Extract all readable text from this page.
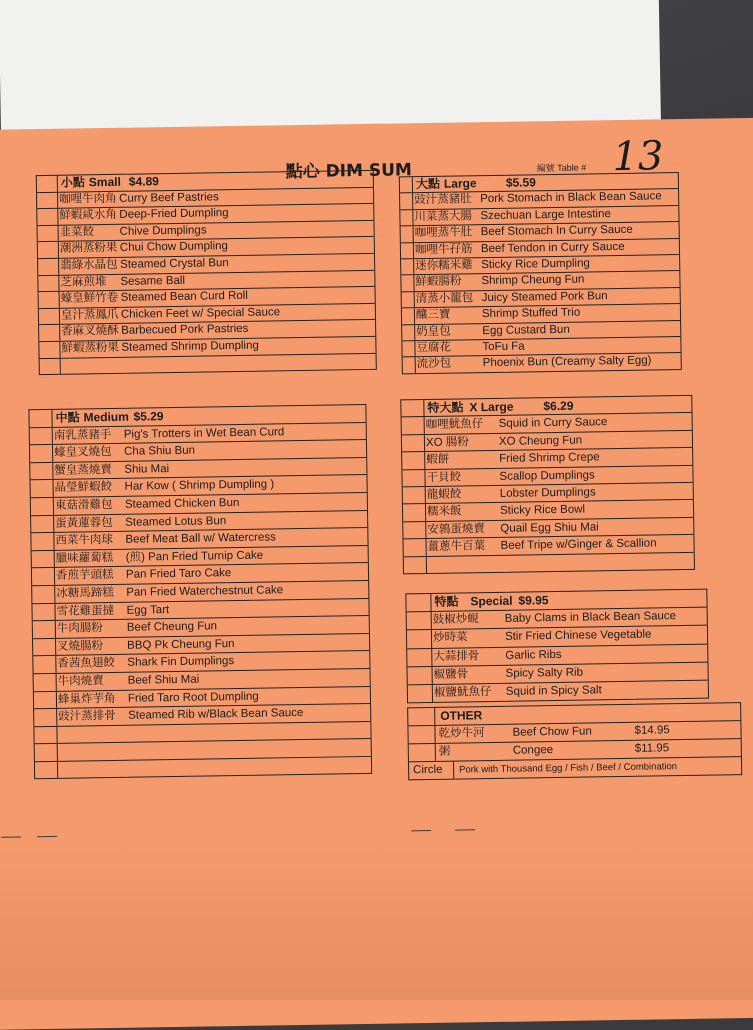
點心 DIM SUM	編號 Table # 13
小點 Small $4.89
咖哩牛肉角 Curry Beef Pastries
鮮蝦咸水角 Deep-Fried Dumpling
韭菜餃 Chive Dumplings
潮洲蒸粉果 Chui Chow Dumpling
翡綠水晶包 Steamed Crystal Bun
芝麻煎堆 Sesame Ball
蠔皇鮮竹卷 Steamed Bean Curd Roll
皇汁蒸鳳爪 Chicken Feet w/ Special Sauce
香麻叉燒酥 Barbecued Pork Pastries
鮮蝦蒸粉果 Steamed Shrimp Dumpling
大點 Large $5.59
豉汁蒸豬肚 Pork Stomach in Black Bean Sauce
川菜蒸大腸 Szechuan Large Intestine
咖哩蒸牛肚 Beef Stomach In Curry Sauce
咖哩牛孖筋 Beef Tendon in Curry Sauce
迷你糯米雞 Sticky Rice Dumpling
鮮蝦腸粉 Shrimp Cheung Fun
清蒸小籠包 Juicy Steamed Pork Bun
釀三寶	Shrimp Stuffed Trio
奶皇包	Egg Custard Bun
豆腐花	ToFu Fa
流沙包	Phoenix Bun (Creamy Salty Egg)
中點 Medium $5.29
南乳蒸豬手 Pig's Trotters in Wet Bean Curd
蠔皇叉燒包 Cha Shiu Bun
蟹皇蒸燒賣 Shiu Mai
晶瑩鮮蝦餃 Har Kow ( Shrimp Dumpling )
東菇滑雞包 Steamed Chicken Bun
蛋黃蓮蓉包 Steamed Lotus Bun
西菜牛肉球 Beef Meat Ball w/ Watercress
臘味蘿蔔糕 (煎) Pan Fried Turnip Cake
香煎芋頭糕 Pan Fried Taro Cake
冰糖馬蹄糕 Pan Fried Waterchestnut Cake
雪花雞蛋撻 Egg Tart
牛肉腸粉 Beef Cheung Fun
叉燒腸粉 BBQ Pk Cheung Fun
香茜魚翅餃 Shark Fin Dumplings
牛肉燒賣 Beef Shiu Mai
蜂巢炸芋角 Fried Taro Root Dumpling
豉汁蒸排骨 Steamed Rib w/Black Bean Sauce
特大點 X Large $6.29
咖哩魷魚仔 Squid in Curry Sauce
XO 腸粉	XO Cheung Fun
蝦餅	Fried Shrimp Crepe
干貝餃	Scallop Dumplings
龍蝦餃	Lobster Dumplings
糯米飯	Sticky Rice Bowl
安鶉蛋燒賣 Quail Egg Shiu Mai
薑蔥牛百葉 Beef Tripe w/Ginger & Scallion
特點 Special $9.95
鼓椒炒蜆 Baby Clams in Black Bean Sauce
炒時菜	Stir Fried Chinese Vegetable
大蒜排骨 Garlic Ribs
椒鹽骨	Spicy Salty Rib
椒鹽魷魚仔 Squid in Spicy Salt
OTHER
乾炒牛河 Beef Chow Fun	$14.95
粥	Congee	$11.95
Circle Pork with Thousand Egg / Fish / Beef / Combination
